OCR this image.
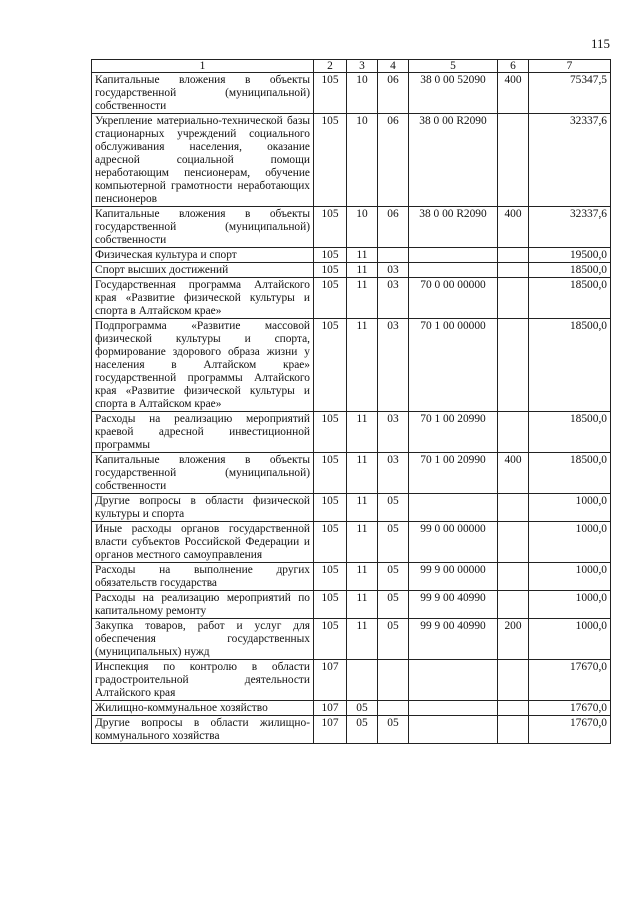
115
1	2	3	4	5	6	7
Капитальные вложения в объекты государственной (муниципальной) собственности	105	10	06	38 0 00 52090	400	75347,5
Укрепление материально-технической базы стационарных учреждений социального обслуживания населения, оказание адресной социальной помощи неработающим пенсионерам, обучение компьютерной грамотности неработающих пенсионеров	105	10	06	38 0 00 R2090		32337,6
Капитальные вложения в объекты государственной (муниципальной) собственности	105	10	06	38 0 00 R2090	400	32337,6
Физическая культура и спорт	105	11				19500,0
Спорт высших достижений	105	11	03			18500,0
Государственная программа Алтайского края «Развитие физической культуры и спорта в Алтайском крае»	105	11	03	70 0 00 00000		18500,0
Подпрограмма «Развитие массовой физической культуры и спорта, формирование здорового образа жизни у населения в Алтайском крае» государственной программы Алтайского края «Развитие физической культуры и спорта в Алтайском крае»	105	11	03	70 1 00 00000		18500,0
Расходы на реализацию мероприятий краевой адресной инвестиционной программы	105	11	03	70 1 00 20990		18500,0
Капитальные вложения в объекты государственной (муниципальной) собственности	105	11	03	70 1 00 20990	400	18500,0
Другие вопросы в области физической культуры и спорта	105	11	05			1000,0
Иные расходы органов государственной власти субъектов Российской Федерации и органов местного самоуправления	105	11	05	99 0 00 00000		1000,0
Расходы на выполнение других обязательств государства	105	11	05	99 9 00 00000		1000,0
Расходы на реализацию мероприятий по капитальному ремонту	105	11	05	99 9 00 40990		1000,0
Закупка товаров, работ и услуг для обеспечения государственных (муниципальных) нужд	105	11	05	99 9 00 40990	200	1000,0
Инспекция по контролю в области градостроительной деятельности Алтайского края	107					17670,0
Жилищно-коммунальное хозяйство	107	05				17670,0
Другие вопросы в области жилищно-коммунального хозяйства	107	05	05			17670,0
